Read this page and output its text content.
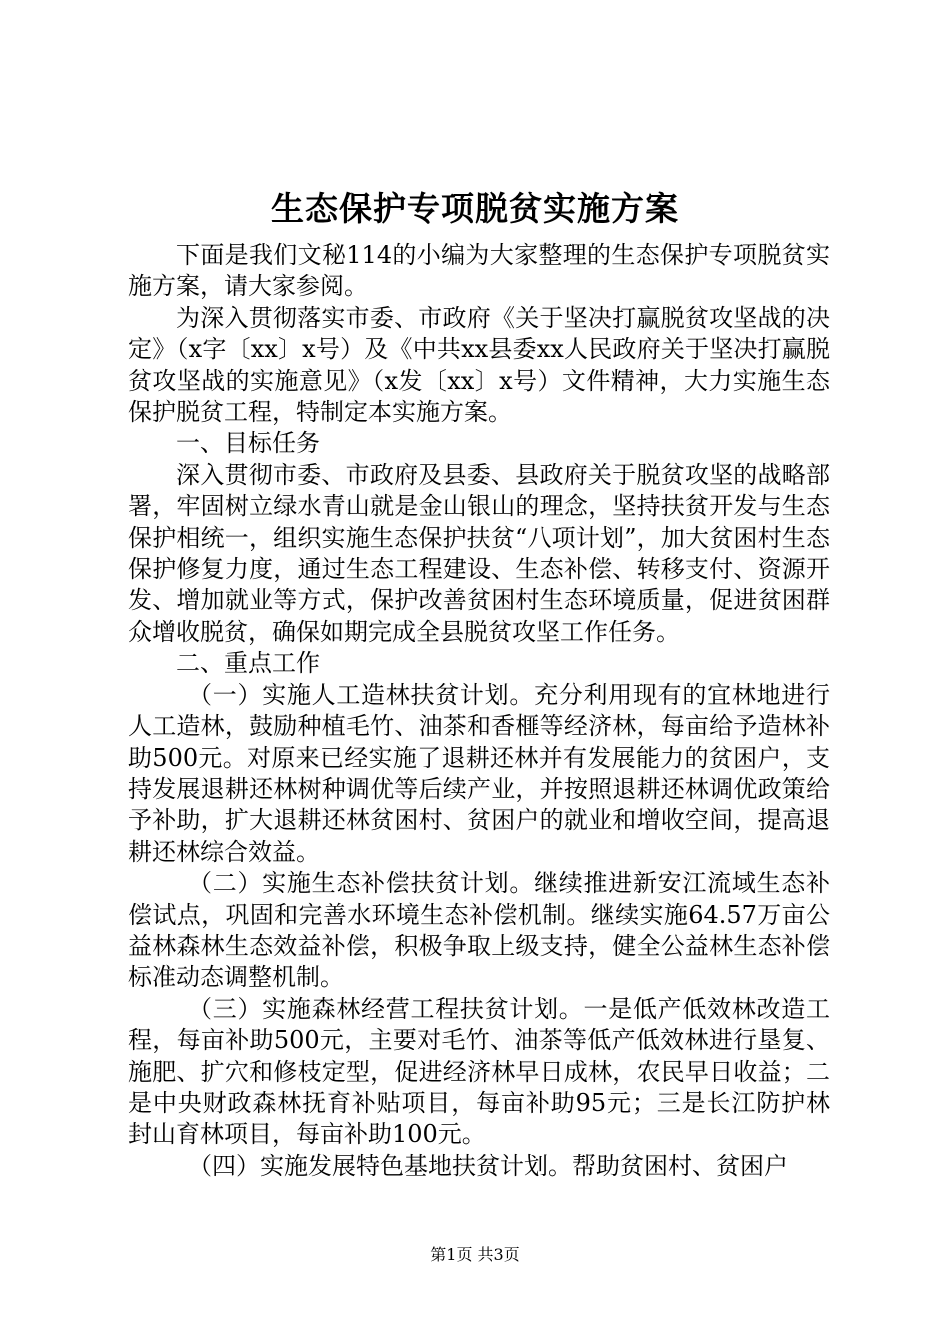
生态保护专项脱贫实施方案

下面是我们文秘114的小编为大家整理的生态保护专项脱贫实施方案，请大家参阅。

为深入贯彻落实市委、市政府《关于坚决打赢脱贫攻坚战的决定》（x字〔xx〕x号）及《中共xx县委xx人民政府关于坚决打赢脱贫攻坚战的实施意见》（x发〔xx〕x号）文件精神，大力实施生态保护脱贫工程，特制定本实施方案。

一、目标任务

深入贯彻市委、市政府及县委、县政府关于脱贫攻坚的战略部署，牢固树立绿水青山就是金山银山的理念，坚持扶贫开发与生态保护相统一，组织实施生态保护扶贫“八项计划”，加大贫困村生态保护修复力度，通过生态工程建设、生态补偿、转移支付、资源开发、增加就业等方式，保护改善贫困村生态环境质量，促进贫困群众增收脱贫，确保如期完成全县脱贫攻坚工作任务。

二、重点工作

（一）实施人工造林扶贫计划。充分利用现有的宜林地进行人工造林，鼓励种植毛竹、油茶和香榧等经济林，每亩给予造林补助500元。对原来已经实施了退耕还林并有发展能力的贫困户，支持发展退耕还林树种调优等后续产业，并按照退耕还林调优政策给予补助，扩大退耕还林贫困村、贫困户的就业和增收空间，提高退耕还林综合效益。

（二）实施生态补偿扶贫计划。继续推进新安江流域生态补偿试点，巩固和完善水环境生态补偿机制。继续实施64.57万亩公益林森林生态效益补偿，积极争取上级支持，健全公益林生态补偿标准动态调整机制。

（三）实施森林经营工程扶贫计划。一是低产低效林改造工程，每亩补助500元，主要对毛竹、油茶等低产低效林进行垦复、施肥、扩穴和修枝定型，促进经济林早日成林，农民早日收益；二是中央财政森林抚育补贴项目，每亩补助95元；三是长江防护林封山育林项目，每亩补助100元。

（四）实施发展特色基地扶贫计划。帮助贫困村、贫困户

第1页 共3页
